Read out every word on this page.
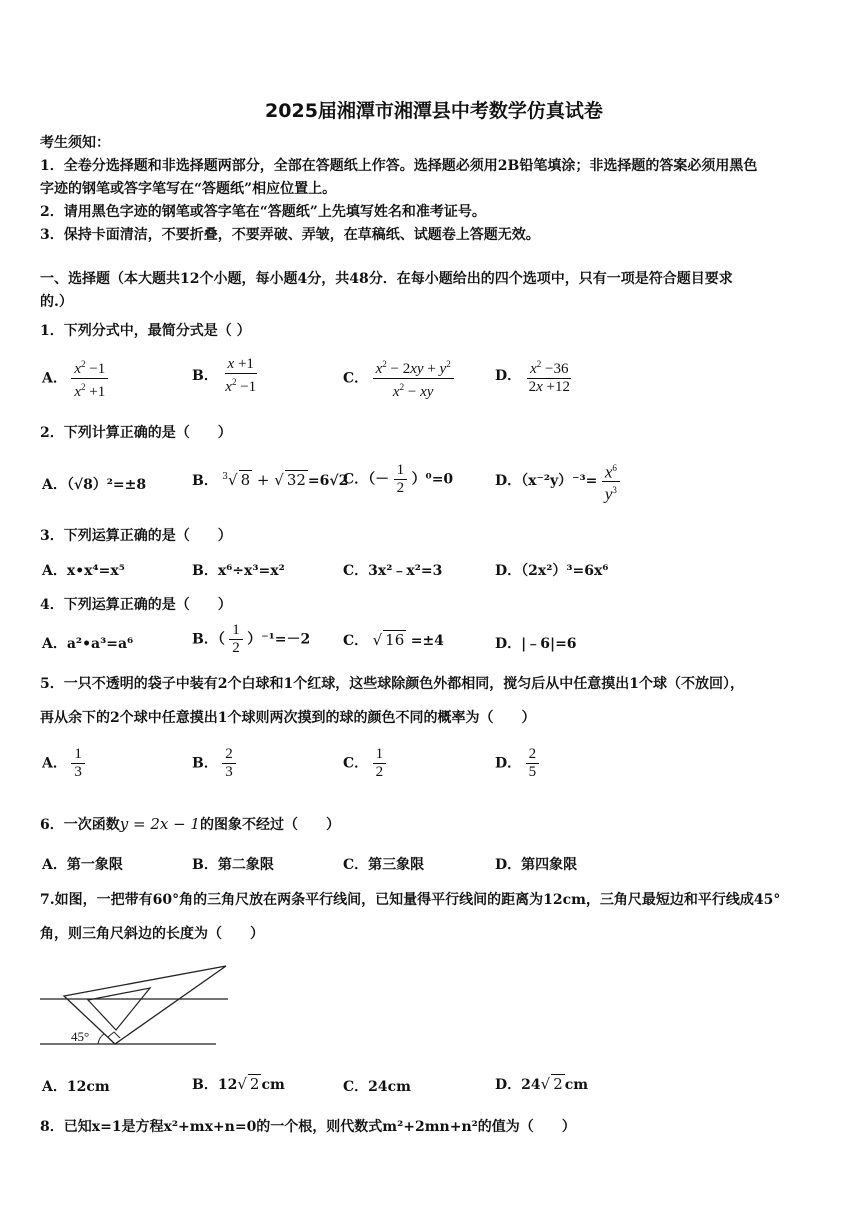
2025届湘潭市湘潭县中考数学仿真试卷
考生须知：
1．全卷分选择题和非选择题两部分，全部在答题纸上作答。选择题必须用2B铅笔填涂；非选择题的答案必须用黑色
字迹的钢笔或答字笔写在“答题纸”相应位置上。
2．请用黑色字迹的钢笔或答字笔在“答题纸”上先填写姓名和准考证号。
3．保持卡面清洁，不要折叠，不要弄破、弄皱，在草稿纸、试题卷上答题无效。
一、选择题（本大题共12个小题，每小题4分，共48分．在每小题给出的四个选项中，只有一项是符合题目要求
的.）
1．下列分式中，最简分式是（ ）
A． $\frac{x^2 -1}{x^2 +1}$	B． $\frac{x +1}{x^2 -1}$	C． $\frac{x^2 - 2xy + y^2}{x^2 - xy}$	D． $\frac{x^2 -36}{2x +12}$
2．下列计算正确的是（　　）
A．（√8）²=±8	B． $^3$√ 8 + √ 32 =6√2
C．（－ $\frac{1}{2} )^0=0$	D．$(x^{-2}y)^{-3}= \frac{x^6}{y^3}$
3．下列运算正确的是（　　）
A．x•x⁴=x⁵	B．x⁶÷x³=x²	C．3x²﹣x²=3	D．（2x²）³=6x⁶
4．下列运算正确的是（　　）
A．a²•a³=a⁶	B．（ $\frac{1}{2} )^{-1}=-2$ C． √ 16 =±4	D．|﹣6|=6
5．一只不透明的袋子中装有2个白球和1个红球，这些球除颜色外都相同，搅匀后从中任意摸出1个球（不放回），
再从余下的2个球中任意摸出1个球则两次摸到的球的颜色不同的概率为（　　）
A． $\frac{1}{3}$	B． $\frac{2}{3}$	C． $\frac{1}{2}$	D． $\frac{2}{5}$
6．一次函数y = 2x − 1的图象不经过（　　）
A．第一象限	B．第二象限	C．第三象限	D．第四象限
7.如图，一把带有60°角的三角尺放在两条平行线间，已知量得平行线间的距离为12cm，三角尺最短边和平行线成45°
角，则三角尺斜边的长度为（　　）
45°
A．12cm	B．12√ 2 cm	C．24cm	D．24√ 2 cm
8．已知x=1是方程x²+mx+n=0的一个根，则代数式m²+2mn+n²的值为（　　）
